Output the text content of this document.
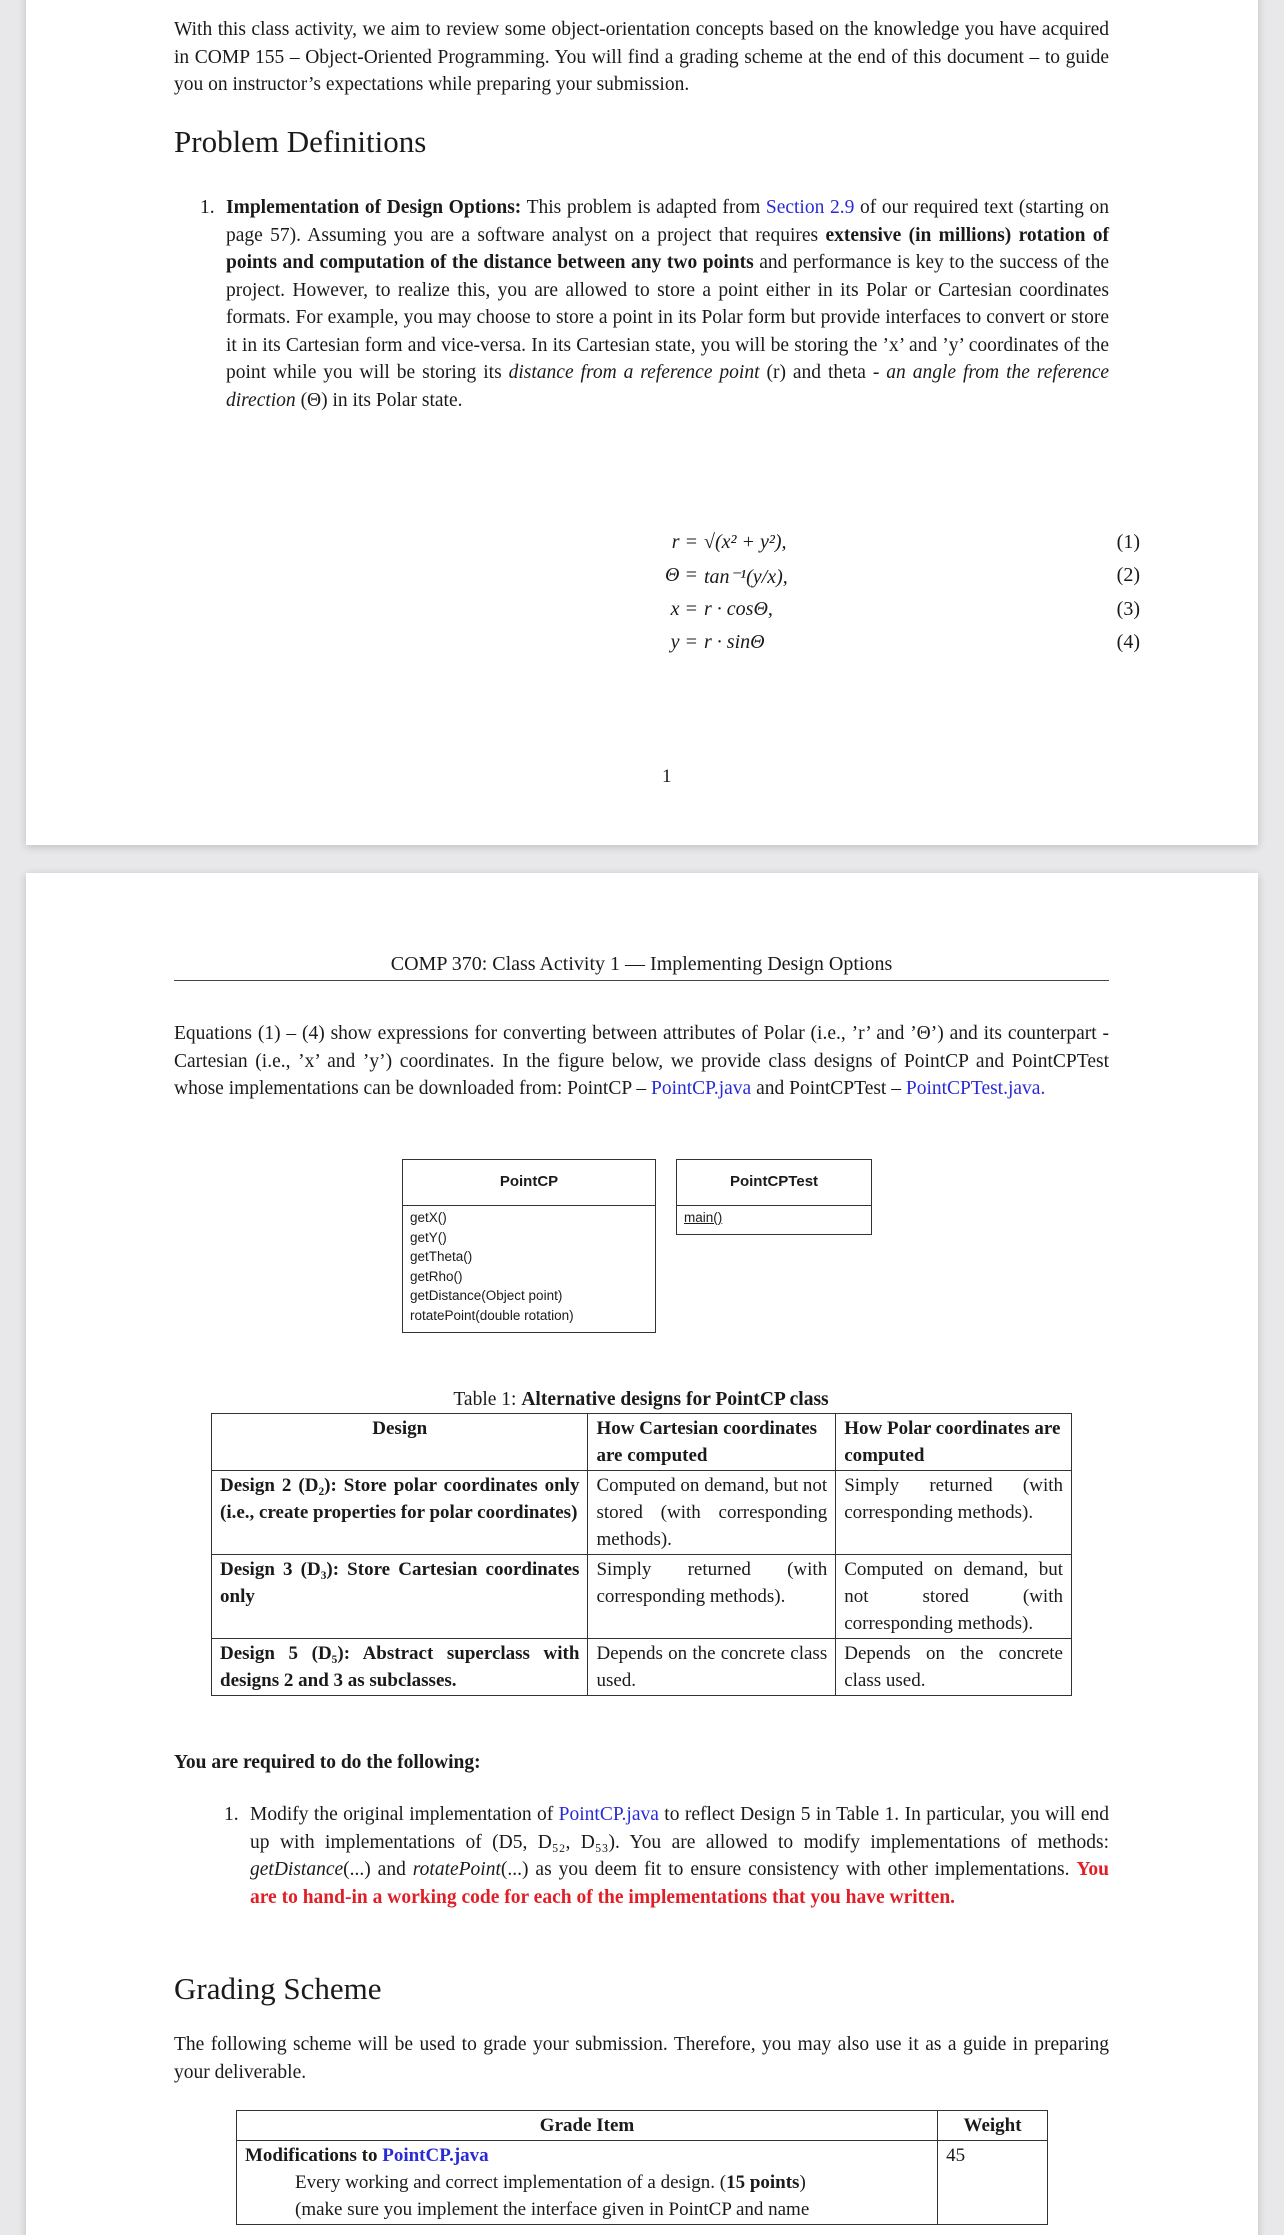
With this class activity, we aim to review some object-orientation concepts based on the knowledge you have acquired in COMP 155 – Object-Oriented Programming. You will find a grading scheme at the end of this document – to guide you on instructor’s expectations while preparing your submission.

Problem Definitions
1. Implementation of Design Options: This problem is adapted from Section 2.9 of our required text (starting on page 57). Assuming you are a software analyst on a project that requires extensive (in millions) rotation of points and computation of the distance between any two points and performance is key to the success of the project. However, to realize this, you are allowed to store a point either in its Polar or Cartesian coordinates formats. For example, you may choose to store a point in its Polar form but provide interfaces to convert or store it in its Cartesian form and vice-versa. In its Cartesian state, you will be storing the ’x’ and ’y’ coordinates of the point while you will be storing its distance from a reference point (r) and theta - an angle from the reference direction (Θ) in its Polar state.
r = √(x² + y²),	(1)
Θ = tan⁻¹(y/x),	(2)
x = r · cosΘ,	(3)
y = r · sinΘ	(4)
1
COMP 370: Class Activity 1 — Implementing Design Options
Equations (1) – (4) show expressions for converting between attributes of Polar (i.e., ’r’ and ’Θ’) and its counterpart - Cartesian (i.e., ’x’ and ’y’) coordinates. In the figure below, we provide class designs of PointCP and PointCPTest whose implementations can be downloaded from: PointCP – PointCP.java and PointCPTest – PointCPTest.java.
PointCP
getX()
getY()
getTheta()
getRho()
getDistance(Object point)
rotatePoint(double rotation)
PointCPTest
main()
Table 1: Alternative designs for PointCP class
Design	How Cartesian coordinates are computed	How Polar coordinates are computed
Design 2 (D₂): Store polar coordinates only (i.e., create properties for polar coordinates)	Computed on demand, but not stored (with corresponding methods).	Simply returned (with corresponding methods).
Design 3 (D₃): Store Cartesian coordinates only	Simply returned (with corresponding methods).	Computed on demand, but not stored (with corresponding methods).
Design 5 (D₅): Abstract superclass with designs 2 and 3 as subclasses.	Depends on the concrete class used.	Depends on the concrete class used.
You are required to do the following:
1. Modify the original implementation of PointCP.java to reflect Design 5 in Table 1. In particular, you will end up with implementations of (D5, D₅₂, D₅₃). You are allowed to modify implementations of methods: getDistance(...) and rotatePoint(...) as you deem fit to ensure consistency with other implementations. You are to hand-in a working code for each of the implementations that you have written.
Grading Scheme

The following scheme will be used to grade your submission. Therefore, you may also use it as a guide in preparing your deliverable.

Grade Item	Weight

Modifications to PointCP.java
Every working and correct implementation of a design. (15 points)
(make sure you implement the interface given in PointCP and name	45
